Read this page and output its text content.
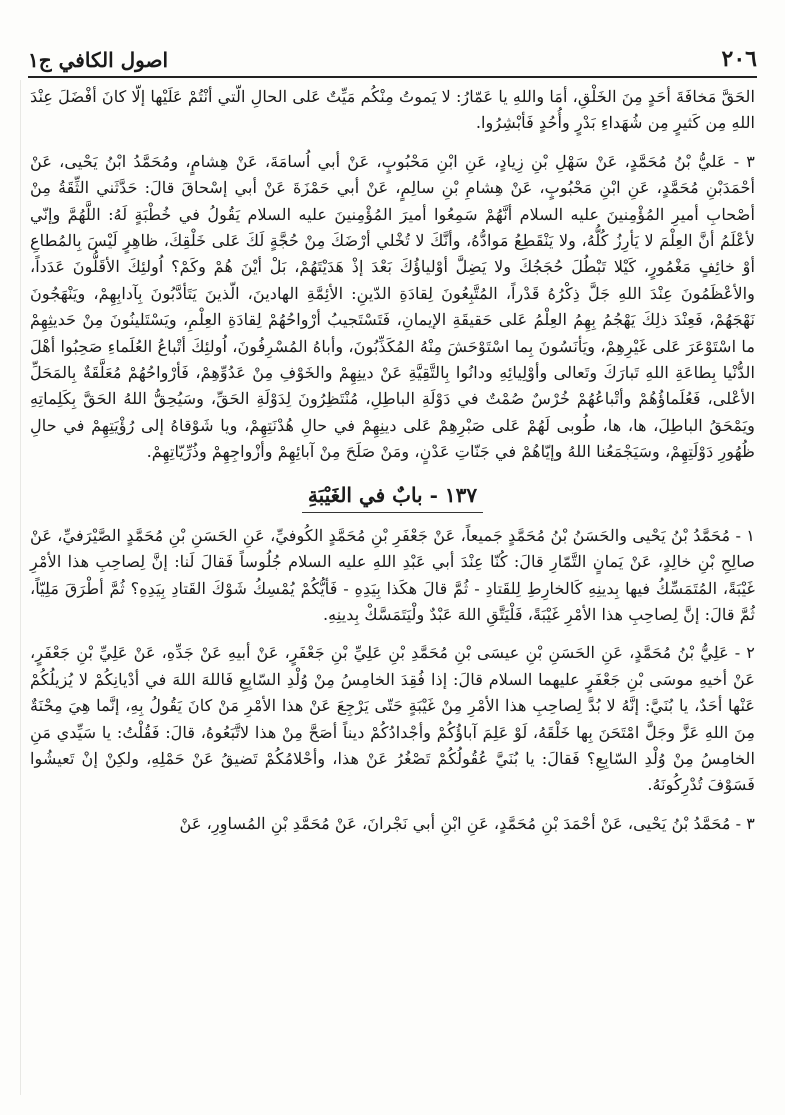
٢٠٦
اصول الكافي ج١

الحَقَّ مَخافَةَ أحَدٍ مِنَ الخَلْقِ، أمَا واللهِ يا عَمّارُ: لا يَموتُ مِنْكُم مَيِّتٌ عَلى الحالِ الّتي أنْتُمْ عَلَيْها إلّا كانَ أفْضَلَ عِنْدَ اللهِ مِن كَثيرٍ مِن شُهَداءِ بَدْرٍ وأُحُدٍ فَأبْشِرُوا.

٣ - عَليُّ بْنُ مُحَمَّدٍ، عَنْ سَهْلِ بْنِ زِيادٍ، عَنِ ابْنِ مَحْبُوبٍ، عَنْ أبي اُسامَةَ، عَنْ هِشامٍ، ومُحَمَّدُ ابْنُ يَحْيى، عَنْ أحْمَدَبْنِ مُحَمَّدٍ، عَنِ ابْنِ مَحْبُوبٍ، عَنْ هِشامِ بْنِ سالِمٍ، عَنْ أبي حَمْزَةَ عَنْ أبي إسْحاقَ قالَ: حَدَّثَني الثِّقَةُ مِنْ أصْحابِ أميرِ المُؤْمِنينَ عليه السلام أنَّهُمْ سَمِعُوا أميرَ المُؤْمِنينَ عليه السلام يَقُولُ في خُطْبَةٍ لَهُ: اللَّهُمَّ وإنّي لأعْلَمُ أنَّ العِلْمَ لا يَأرِزُ كُلُّهُ، ولا يَنْقَطِعُ مَوادُّهُ، وأنَّكَ لا تُخْلي أرْضَكَ مِنْ حُجَّةٍ لَكَ عَلى خَلْقِكَ، ظاهِرٍ لَيْسَ بِالمُطاعِ أوْ خائِفٍ مَغْمُورٍ، كَيْلا تَبْطُلَ حُجَجُكَ ولا يَضِلَّ أوْلياؤُكَ بَعْدَ إذْ هَدَيْتَهُمْ، بَلْ أيْنَ هُمْ وكَمْ؟ اُولئِكَ الأقَلُّونَ عَدَداً، والأعْظَمُونَ عِنْدَ اللهِ جَلَّ ذِكْرُهُ قَدْراً، المُتَّبِعُونَ لِقادَةِ الدّينِ: الأئِمَّةِ الهادينَ، الّذينَ يَتَأدَّبُونَ بِآدابِهِمْ، ويَنْهَجُونَ نَهْجَهُمْ، فَعِنْدَ ذلِكَ يَهْجُمُ بِهِمُ العِلْمُ عَلى حَقيقَةِ الإيمانِ، فَتَسْتَجيبُ أرْواحُهُمْ لِقادَةِ العِلْمِ، ويَسْتَلينُونَ مِنْ حَديثِهِمْ ما اسْتَوْعَرَ عَلى غَيْرِهِمْ، ويَأنَسُونَ بِما اسْتَوْحَشَ مِنْهُ المُكَذِّبُونَ، وأباهُ المُسْرِفُونَ، اُولئِكَ أتْباعُ العُلَماءِ صَحِبُوا أهْلَ الدُّنْيا بِطاعَةِ اللهِ تَبارَكَ وتَعالى وأوْلِيائِهِ ودانُوا بِالتَّقِيَّةِ عَنْ دينِهِمْ والخَوْفِ مِنْ عَدُوِّهِمْ، فَأرْواحُهُمْ مُعَلَّقَةٌ بِالمَحَلِّ الأعْلى، فَعُلَماؤُهُمْ وأتْباعُهُمْ خُرْسٌ صُمْتٌ في دَوْلَةِ الباطِلِ، مُنْتَظِرُونَ لِدَوْلَةِ الحَقِّ، وسَيُحِقُّ اللهُ الحَقَّ بِكَلِماتِهِ ويَمْحَقُ الباطِلَ، ها، ها، طُوبى لَهُمْ عَلى صَبْرِهِمْ عَلى دينِهِمْ في حالِ هُدْنَتِهِمْ، ويا شَوْقاهُ إلى رُؤْيَتِهِمْ في حالِ ظُهُورِ دَوْلَتِهِمْ، وسَيَجْمَعُنا اللهُ وإيّاهُمْ في جَنّاتِ عَدْنٍ، ومَنْ صَلَحَ مِنْ آبائِهِمْ وأزْواجِهِمْ وذُرِّيّاتِهِمْ.

١٣٧ - بابٌ في الغَيْبَةِ

١ - مُحَمَّدُ بْنُ يَحْيى والحَسَنُ بْنُ مُحَمَّدٍ جَميعاً، عَنْ جَعْفَرِ بْنِ مُحَمَّدٍ الكُوفيِّ، عَنِ الحَسَنِ بْنِ مُحَمَّدٍ الصَّيْرَفيِّ، عَنْ صالِحِ بْنِ خالِدٍ، عَنْ يَمانٍ التَّمّارِ قالَ: كُنّا عِنْدَ أبي عَبْدِ اللهِ عليه السلام جُلُوساً فَقالَ لَنا: إنَّ لِصاحِبِ هذا الأمْرِ غَيْبَةً، المُتَمَسِّكُ فيها بِدينِهِ كَالخارِطِ لِلقَتادِ - ثُمَّ قالَ هكَذا بِيَدِهِ - فَأيُّكُمْ يُمْسِكُ شَوْكَ القَتادِ بِيَدِهِ؟ ثُمَّ أطْرَقَ مَلِيّاً، ثُمَّ قالَ: إنَّ لِصاحِبِ هذا الأمْرِ غَيْبَةً، فَلْيَتَّقِ اللهَ عَبْدٌ ولْيَتَمَسَّكْ بِدينِهِ.

٢ - عَلِيُّ بْنُ مُحَمَّدٍ، عَنِ الحَسَنِ بْنِ عيسَى بْنِ مُحَمَّدِ بْنِ عَلِيِّ بْنِ جَعْفَرٍ، عَنْ أبيهِ عَنْ جَدِّهِ، عَنْ عَلِيِّ بْنِ جَعْفَرٍ، عَنْ أخيهِ موسَى بْنِ جَعْفَرٍ عليهما السلام قالَ: إذا فُقِدَ الخامِسُ مِنْ وُلْدِ السّابِعِ فَاللهَ اللهَ في أدْيانِكُمْ لا يُزيلُكُمْ عَنْها أحَدٌ، يا بُنَيَّ: إنَّهُ لا بُدَّ لِصاحِبِ هذا الأمْرِ مِنْ غَيْبَةٍ حَتّى يَرْجِعَ عَنْ هذا الأمْرِ مَنْ كانَ يَقُولُ بِهِ، إنَّما هِيَ مِحْنَةٌ مِنَ اللهِ عَزَّ وجَلَّ امْتَحَنَ بِها خَلْقَهُ، لَوْ عَلِمَ آباؤُكُمْ وأجْدادُكُمْ ديناً أصَحَّ مِنْ هذا لاتَّبَعُوهُ، قالَ: فَقُلْتُ: يا سَيِّدي مَنِ الخامِسُ مِنْ وُلْدِ السّابِعِ؟ فَقالَ: يا بُنَيَّ عُقُولُكُمْ تَصْغُرُ عَنْ هذا، وأحْلامُكُمْ تَضيقُ عَنْ حَمْلِهِ، ولكِنْ إنْ تَعيشُوا فَسَوْفَ تُدْرِكُونَهُ.

٣ - مُحَمَّدُ بْنُ يَحْيى، عَنْ أحْمَدَ بْنِ مُحَمَّدٍ، عَنِ ابْنِ أبي نَجْرانَ، عَنْ مُحَمَّدِ بْنِ المُساوِرِ، عَنْ
